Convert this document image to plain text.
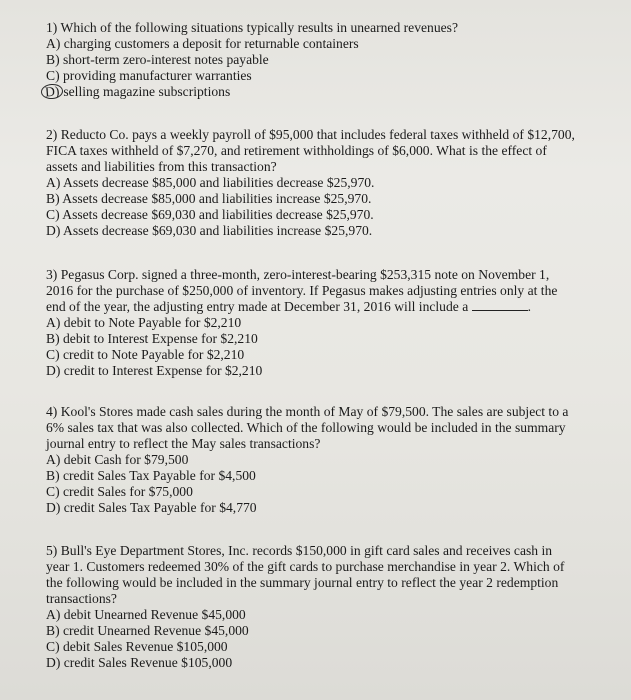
1) Which of the following situations typically results in unearned revenues?
A) charging customers a deposit for returnable containers
B) short-term zero-interest notes payable
C) providing manufacturer warranties
D) selling magazine subscriptions
2) Reducto Co. pays a weekly payroll of $95,000 that includes federal taxes withheld of $12,700,
FICA taxes withheld of $7,270, and retirement withholdings of $6,000. What is the effect of
assets and liabilities from this transaction?
A) Assets decrease $85,000 and liabilities decrease $25,970.
B) Assets decrease $85,000 and liabilities increase $25,970.
C) Assets decrease $69,030 and liabilities decrease $25,970.
D) Assets decrease $69,030 and liabilities increase $25,970.
3) Pegasus Corp. signed a three-month, zero-interest-bearing $253,315 note on November 1,
2016 for the purchase of $250,000 of inventory. If Pegasus makes adjusting entries only at the
end of the year, the adjusting entry made at December 31, 2016 will include a	.
A) debit to Note Payable for $2,210
B) debit to Interest Expense for $2,210
C) credit to Note Payable for $2,210
D) credit to Interest Expense for $2,210
4) Kool's Stores made cash sales during the month of May of $79,500. The sales are subject to a
6% sales tax that was also collected. Which of the following would be included in the summary
journal entry to reflect the May sales transactions?
A) debit Cash for $79,500
B) credit Sales Tax Payable for $4,500
C) credit Sales for $75,000
D) credit Sales Tax Payable for $4,770
5) Bull's Eye Department Stores, Inc. records $150,000 in gift card sales and receives cash in
year 1. Customers redeemed 30% of the gift cards to purchase merchandise in year 2. Which of
the following would be included in the summary journal entry to reflect the year 2 redemption
transactions?
A) debit Unearned Revenue $45,000
B) credit Unearned Revenue $45,000
C) debit Sales Revenue $105,000
D) credit Sales Revenue $105,000
